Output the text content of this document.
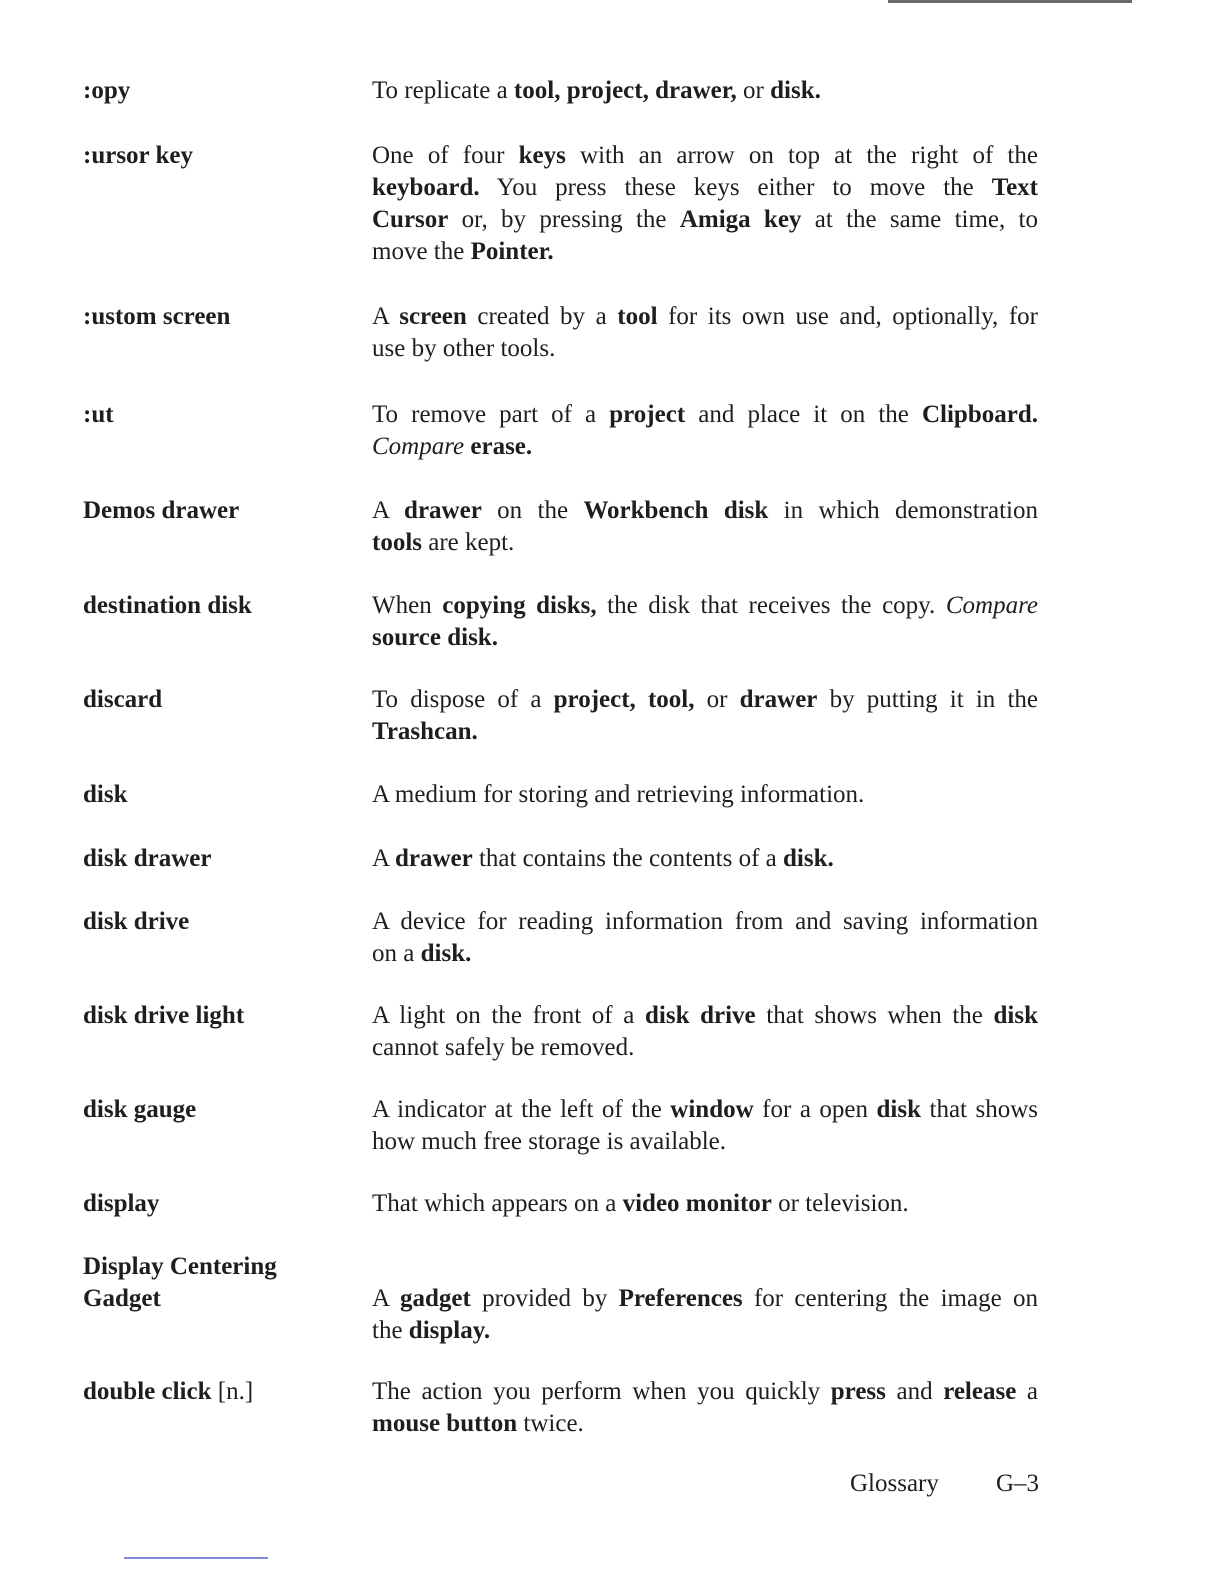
:opy	To replicate a tool, project, drawer, or disk.
:ursor key	One of four keys with an arrow on top at the right of the
keyboard. You press these keys either to move the Text
Cursor or, by pressing the Amiga key at the same time, to
move the Pointer.
:ustom screen	A screen created by a tool for its own use and, optionally, for
use by other tools.
:ut	To remove part of a project and place it on the Clipboard.
Compare erase.
Demos drawer	A drawer on the Workbench disk in which demonstration
tools are kept.
destination disk	When copying disks, the disk that receives the copy. Compare
source disk.
discard	To dispose of a project, tool, or drawer by putting it in the
Trashcan.
disk	A medium for storing and retrieving information.
disk drawer	A drawer that contains the contents of a disk.
disk drive	A device for reading information from and saving information
on a disk.
disk drive light	A light on the front of a disk drive that shows when the disk
cannot safely be removed.
disk gauge	A indicator at the left of the window for a open disk that shows
how much free storage is available.
display	That which appears on a video monitor or television.
Display Centering Gadget	A gadget provided by Preferences for centering the image on
the display.
double click [n.]	The action you perform when you quickly press and release a
mouse button twice.
Glossary G–3
